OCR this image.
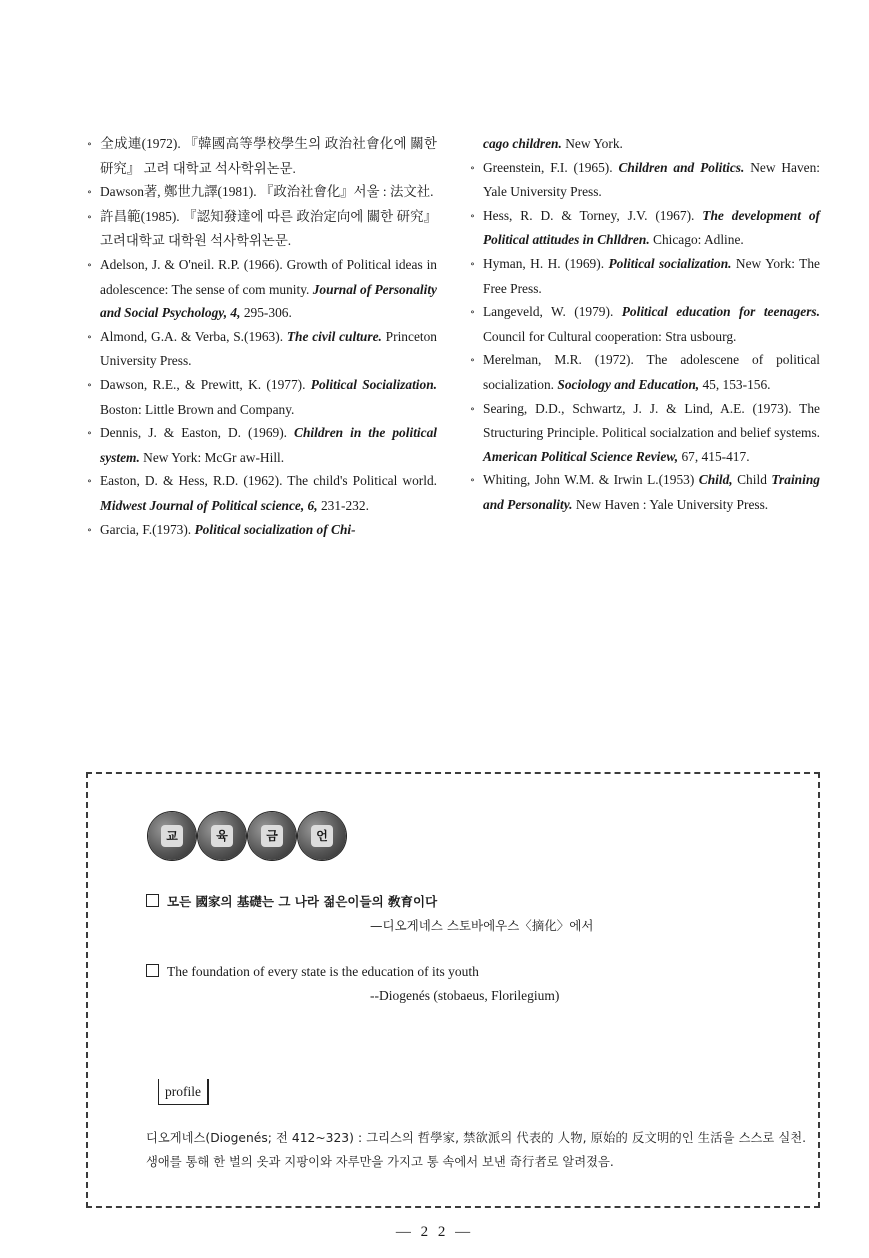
∘ 全成連(1972). 『韓國高等學校學生의 政治社會化에 關한 研究』 고려 대학교 석사학위논문.

∘ Dawson著, 鄭世九譯(1981). 『政治社會化』서울 : 法文社.

∘ 許昌範(1985). 『認知發達에 따른 政治定向에 關한 研究』 고려대학교 대학원 석사학위논문.

∘ Adelson, J. & O'neil. R.P. (1966). Growth of Political ideas in adolescence: The sense of com munity. Journal of Personality and Social Psychology, 4, 295-306.

∘ Almond, G.A. & Verba, S.(1963). The civil culture. Princeton University Press.

∘ Dawson, R.E., & Prewitt, K. (1977). Political Socialization. Boston: Little Brown and Company.

∘ Dennis, J. & Easton, D. (1969). Children in the political system. New York: McGr aw-Hill.

∘ Easton, D. & Hess, R.D. (1962). The child's Political world. Midwest Journal of Political science, 6, 231-232.

∘ Garcia, F.(1973). Political socialization of Chi-

cago children. New York.

∘ Greenstein, F.I. (1965). Children and Politics. New Haven: Yale University Press.

∘ Hess, R. D. & Torney, J.V. (1967). The development of Political attitudes in Chlldren. Chicago: Adline.

∘ Hyman, H. H. (1969). Political socialization. New York: The Free Press.

∘ Langeveld, W. (1979). Political education for teenagers. Council for Cultural cooperation: Stra usbourg.

∘ Merelman, M.R. (1972). The adolescene of political socialization. Sociology and Education, 45, 153-156.

∘ Searing, D.D., Schwartz, J. J. & Lind, A.E. (1973). The Structuring Principle. Political socialzation and belief systems. American Political Science Review, 67, 415-417.

∘ Whiting, John W.M. & Irwin L.(1953) Child, Child Training and Personality. New Haven : Yale University Press.

교	육	금	언
모든 國家의 基礎는 그 나라 젊은이들의 敎育이다
—디오게네스 스토바에우스〈摘化〉에서
The foundation of every state is the education of its youth
--Diogenés (stobaeus, Florilegium)
profile

디오게네스(Diogenés; 전 412~323) : 그리스의 哲學家, 禁欲派의 代表的 人物, 原始的 反文明的인 生活을 스스로 실천. 생애를 통해 한 벌의 옷과 지팡이와 자루만을 가지고 통 속에서 보낸 奇行者로 알려졌음.

— 2 2 —
